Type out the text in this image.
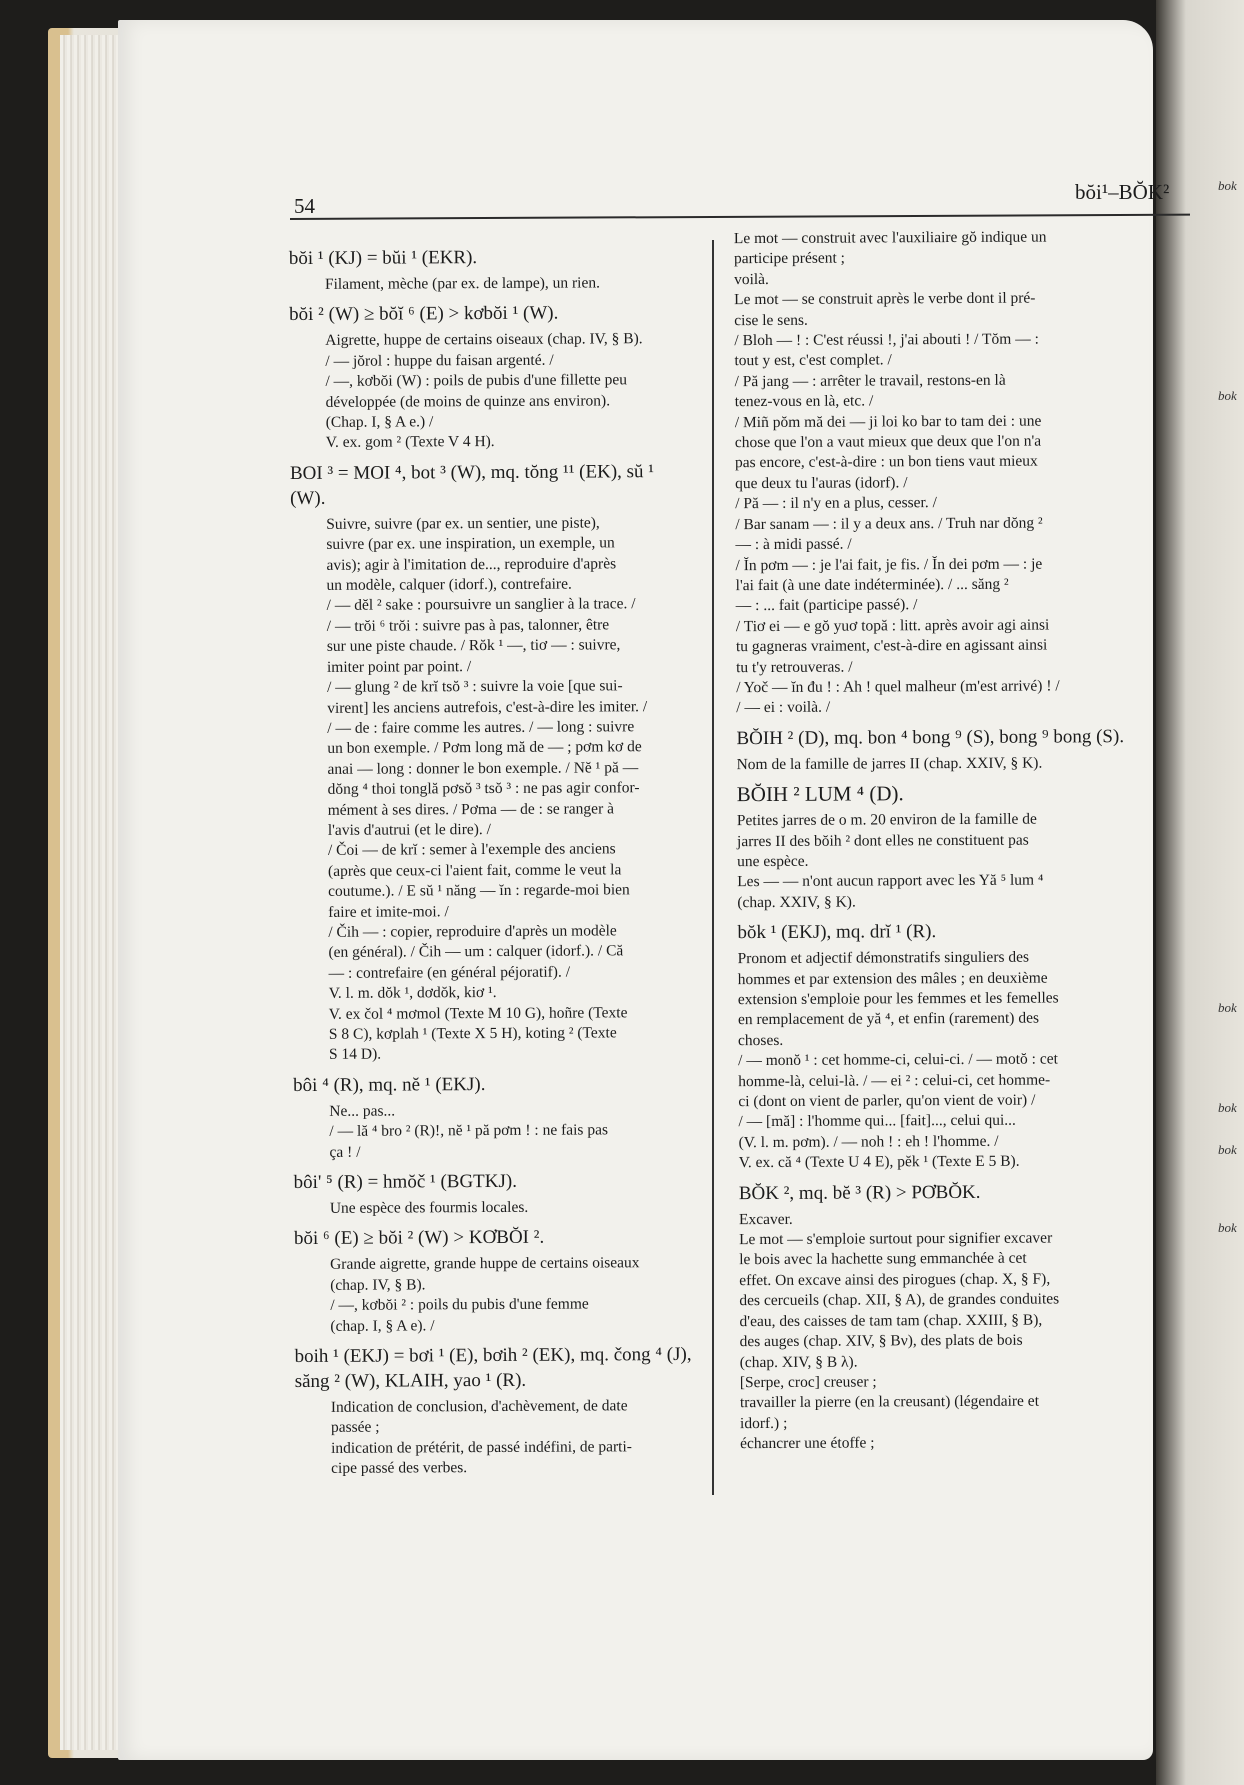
bok
bok
bok
bok
bok
bok
54
bŏi¹–BŎK²
bŏi ¹ (KJ) = bŭi ¹ (EKR).
Filament, mèche (par ex. de lampe), un rien.
bŏi ² (W) ≥ bŏĭ ⁶ (E) > kơbŏi ¹ (W).
Aigrette, huppe de certains oiseaux (chap. IV, § B).
/ — jŏrol : huppe du faisan argenté. /
/ —, kơbŏi (W) : poils de pubis d'une fillette peu
développée (de moins de quinze ans environ).
(Chap. I, § A e.) /
V. ex. gom ² (Texte V 4 H).
BOI ³ = MOI ⁴, bot ³ (W), mq. tŏng ¹¹ (EK), sŭ ¹ (W).
Suivre, suivre (par ex. un sentier, une piste),
suivre (par ex. une inspiration, un exemple, un
avis); agir à l'imitation de..., reproduire d'après
un modèle, calquer (idorf.), contrefaire.
/ — dĕl ² sake : poursuivre un sanglier à la trace. /
/ — trŏi ⁶ trŏi : suivre pas à pas, talonner, être
sur une piste chaude. / Rŏk ¹ —, tiơ — : suivre,
imiter point par point. /
/ — glung ² de krĭ tsŏ ³ : suivre la voie [que sui-
virent] les anciens autrefois, c'est-à-dire les imiter. /
/ — de : faire comme les autres. / — long : suivre
un bon exemple. / Pơm long mă de — ; pơm kơ de
anai — long : donner le bon exemple. / Nĕ ¹ pă —
dŏng ⁴ thoi tonglă pơsŏ ³ tsŏ ³ : ne pas agir confor-
mément à ses dires. / Pơma — de : se ranger à
l'avis d'autrui (et le dire). /
/ Čoi — de krĭ : semer à l'exemple des anciens
(après que ceux-ci l'aient fait, comme le veut la
coutume.). / E sŭ ¹ năng — ĭn : regarde-moi bien
faire et imite-moi. /
/ Čih — : copier, reproduire d'après un modèle
(en général). / Čih — um : calquer (idorf.). / Că
— : contrefaire (en général péjoratif). /
V. l. m. dŏk ¹, dơdŏk, kiơ ¹.
V. ex čol ⁴ mơmol (Texte M 10 G), hoñre (Texte
S 8 C), kơplah ¹ (Texte X 5 H), koting ² (Texte
S 14 D).
bôi ⁴ (R), mq. nĕ ¹ (EKJ).
Ne... pas...
/ — lă ⁴ bro ² (R)!, nĕ ¹ pă pơm ! : ne fais pas
ça ! /
bôi' ⁵ (R) = hmŏč ¹ (BGTKJ).
Une espèce des fourmis locales.
bŏi ⁶ (E) ≥ bŏi ² (W) > KƠBŎI ².
Grande aigrette, grande huppe de certains oiseaux
(chap. IV, § B).
/ —, kơbŏi ² : poils du pubis d'une femme
(chap. I, § A e). /
boih ¹ (EKJ) = bơi ¹ (E), bơih ² (EK), mq. čong ⁴ (J), săng ² (W), KLAIH, yao ¹ (R).
Indication de conclusion, d'achèvement, de date
passée ;
indication de prétérit, de passé indéfini, de parti-
cipe passé des verbes.
Le mot — construit avec l'auxiliaire gŏ indique un
participe présent ;
voilà.
Le mot — se construit après le verbe dont il pré-
cise le sens.
/ Bloh — ! : C'est réussi !, j'ai abouti ! / Tŏm — :
tout y est, c'est complet. /
/ Pă jang — : arrêter le travail, restons-en là
tenez-vous en là, etc. /
/ Miñ pŏm mă dei — ji loi ko bar to tam dei : une
chose que l'on a vaut mieux que deux que l'on n'a
pas encore, c'est-à-dire : un bon tiens vaut mieux
que deux tu l'auras (idorf). /
/ Pă — : il n'y en a plus, cesser. /
/ Bar sanam — : il y a deux ans. / Truh nar dŏng ²
— : à midi passé. /
/ Ĭn pơm — : je l'ai fait, je fis. / Ĭn dei pơm — : je
l'ai fait (à une date indéterminée). / ... săng ²
— : ... fait (participe passé). /
/ Tiơ ei — e gŏ yuơ topă : litt. après avoir agi ainsi
tu gagneras vraiment, c'est-à-dire en agissant ainsi
tu t'y retrouveras. /
/ Yoč — ĭn đu ! : Ah ! quel malheur (m'est arrivé) ! /
/ — ei : voilà. /
BŎIH ² (D), mq. bon ⁴ bong ⁹ (S), bong ⁹ bong (S).
Nom de la famille de jarres II (chap. XXIV, § K).
BŎIH ² LUM ⁴ (D).
Petites jarres de o m. 20 environ de la famille de
jarres II des bŏih ² dont elles ne constituent pas
une espèce.
Les — — n'ont aucun rapport avec les Yă ⁵ lum ⁴
(chap. XXIV, § K).
bŏk ¹ (EKJ), mq. drĭ ¹ (R).
Pronom et adjectif démonstratifs singuliers des
hommes et par extension des mâles ; en deuxième
extension s'emploie pour les femmes et les femelles
en remplacement de yă ⁴, et enfin (rarement) des
choses.
/ — monŏ ¹ : cet homme-ci, celui-ci. / — motŏ : cet
homme-là, celui-là. / — ei ² : celui-ci, cet homme-
ci (dont on vient de parler, qu'on vient de voir) /
/ — [mă] : l'homme qui... [fait]..., celui qui...
(V. l. m. pơm). / — noh ! : eh ! l'homme. /
V. ex. că ⁴ (Texte U 4 E), pĕk ¹ (Texte E 5 B).
BŎK ², mq. bĕ ³ (R) > PƠBŎK.
Excaver.
Le mot — s'emploie surtout pour signifier excaver
le bois avec la hachette sung emmanchée à cet
effet. On excave ainsi des pirogues (chap. X, § F),
des cercueils (chap. XII, § A), de grandes conduites
d'eau, des caisses de tam tam (chap. XXIII, § B),
des auges (chap. XIV, § Bν), des plats de bois
(chap. XIV, § B λ).
[Serpe, croc] creuser ;
travailler la pierre (en la creusant) (légendaire et
idorf.) ;
échancrer une étoffe ;
